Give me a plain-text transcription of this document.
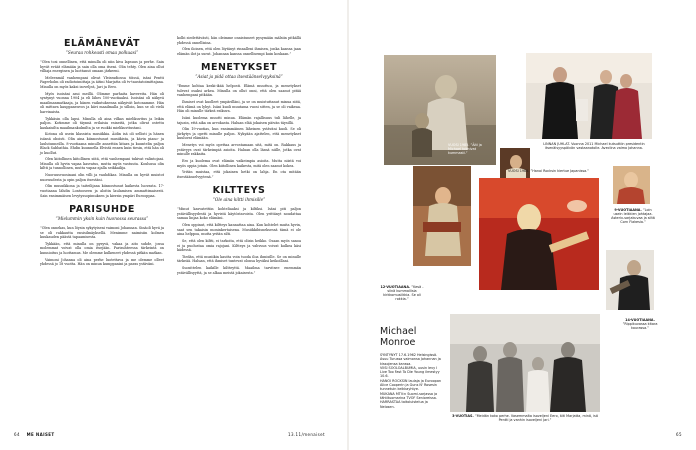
ELÄMÄNEVÄT
”Seuraa rohkeasti omaa polkuasi”

”Olen tosi onnellinen, että minulla oli niin kiva lapsuus ja perhe. Sain hyvät eväät elämään ja sain olla oma itseni. Olin tehty. Olen aina ollut villiaja energinen ja luottanut omaan järkeeni.

Meleenmäl vanhempani olivat Yleisradiossa töissä, isäni Pentti Fagerholm oli radiotoimittaja ja äitini Marjatta oli tv-taustatoimittajana. Minulla on myös kaksi isoveljeä, Jari ja Eero.

Myös isoisäni asui meillä. Olimme parhaita kavereita. Hän oli syntynyt vuonna 1904 ja eli lähes 100-vuotiaaksi. Isoisäni oli näkyvä maailmanmatkaaja, ja hänen vaikutuksensa näkyivät kotonamme. Hän oli mittava kauppaneuvos ja kävi maailmalla jo silloin, kun se oli vielä harvinaista.

Tykkäsin olla lapsi. Minulla oli aina vilkas mielikuvitus ja leikin paljon. Kotimme oli täynnä erilaisia esineitä, jotka olivat ostettu kaukaisilta maailmankulmilta ja se ruokki mielikuvitustani.

Kotona oli usein klassista musiikkia. Äidin isä oli sellisti ja hänen isänsä oboisti. Olin aina kiinnostunut musiikista, ja kävin piano- ja laulutunneilla. 8-vuotiaana minulle annettiin kitara ja kuuntelin paljon Black Sabbathia. Ehdin kuunnella Elvistä ennen kuin tiesin, että hän oli jo kuollut.

Olen kiitollinen kiitollinen siitä, että vanhempani tukivat valintojani. Minulla oli hyvin vapaa kasvatus, mutta myös vastuuta. Koulussa olin kiltti ja tunnollinen, mutta vapaa-ajalla seikkailija.

Nuoruusvuosinani olin villi ja vauhdikas. Minulla on hyvät muistot nuoruudesta ja opin paljon itsestäni.

Olin muusikkona ja taiteilijana kiinnostunut kaikesta luovasta. 17-vuotiaana lähdin Lontooseen ja aloitin laulamisen ammattimaisesti. Sain ensimmäisen levytyssopimuksen ja kiersin ympäri Eurooppaa.

PARISUHDE
”Mielummin yksin kuin huonossa seurassa”

”Olen onnekas, kun löysin sykytyiseni vaimoni Johannan. Sinäoli hyvä ja se oli rakkautta ensisilmäyksellä. Menimme naimisiin kolmen kuukauden päästä tapaamisesta.

Tykkään, että minulla on pysyvä, vakaa ja aito suhde, jossa molemmat voivat olla omia itsejään. Parisuhteessa tärkeintä on kunnioitus ja luottamus. Me olemme kulkeneet yhdessä pitkän matkan.

Vaimoni Johanna oli aina perhe luotettava ja me olemme olleet yhdessä jo 18 vuotta. Hän on minun kumppanini ja paras ystäväni.

kolbi siedettävästi, hän oleimme onnistuneet pysymään mälsiin pitkällä yhdessä onnellisina.

Olen iloinen, että olen löytänyt rinnalleni ihmisen, jonka kanssa jaan elämän ilot ja surut. Johannan kanssa onnellisempi kuin koskaan.”

MENETYKSET
”Asiat ja pidä ottaa itsestäänselvyyksinä”

”Emme kohtaa keski-ikää helposti. Elämä muuttuu, ja menetykset tulevat osaksi arkea. Minulla on ollut onni, että olen saanut pitää vanhempani pitkään.

Ihmiset ovat kuolleet ympärilläni, ja se on muistuttanut minua siitä, että elämä on lyhyt. Isäni kuoli muutama vuosi sitten, ja se oli vaikeaa. Hän oli minulle tärkeä esikuva.

Isäni kuolema muutti minua. Elämän rajallisuus tuli lähelle, ja tajusin, että aika on arvokasta. Haluan elää jokaisen päivän täysillä.

Olin 19-vuotias, kun ensimmäinen läheinen ystäväni kuoli. Se oli järkytys ja opetti minulle paljon. Nykyään ajattelen, että menetykset kuuluvat elämään.

Menetys voi myös opettaa arvostamaan sitä, mitä on. Rakkaus ja ystävyys ovat tärkeimpiä asioita. Haluan olla läsnä niille, jotka ovat minulle rakkaita.

Ero ja kuolema ovat elämän vaikeimpia asioita. Mutta niistä voi myös oppia jotain. Olen kiitollinen kaikesta, mitä olen saanut kokea.

Yritän muistaa, että jokainen hetki on lahja. En ota mitään itsestäänselvyytenä.”

KILTTEYS
”Ole aina kiltti ihmisille”

”Minut kasvatettiin kohteliaaksi ja kiltiksi. Isäni piti paljon ystävällisyydestä ja hyvistä käytöstavoista. Olen yrittänyt noudattaa samaa linjaa koko elämäni.

Olen oppinut, että kiltteys kannattaa aina. Kun kohtelet muita hyvin, saat sen takaisin moninkertaisena. Musiikkibisneksessä tämä ei ole aina helppoa, mutta yritän silti.

Se, että olen kiltti, ei tarkoita, että olisin heikko. Osaan myös sanoa ei ja puolustaa omia rajojani. Kiltteys ja vahvuus voivat kulkea käsi kädessä.

Tiedän, että musiikin kautta voin tuoda iloa ihmisille. Se on minulle tärkeää. Haluan, että ihmiset tuntevat olonsa hyväksi keikoillani.

Suosittelen kaikille kiltteyttä. Maailma tarvitsee enemmän ystävällisyyttä, ja se alkaa meistä jokaisesta.”

VUOSI 1985. ”Äiti ja Michael toimivat kummasti.”
LINNAN JUHLAT. Vuonna 2011 Michael kutsuttiin presidentin itsenäisyyspäivän vastaanotolle. Aveclina vaimo Johanna.
VUOSI 1985. ”Hanoi Rocksin kiertue Japanissa.”
9-VUOTIAANA. ”Loin usein leikkien johtajaa. Asterix-sarjakuvaa ja siltä Corn Flakesia.”
14-VUOTIAANA. ”Rippikuvassa kitara kourassa.”
12-VUOTIAANA. ”Kesä -siinä kummallisia kirkkomusiikkia. Se oli rokkia.”
3-VUOTIAS. ”Meidän koko perhe. Vasemmalta isoveljeni Eero, äiti Marjatta, minä, isä Pentti ja vanhin isoveljeni Jari.”
Michael Monroe
SYNTYNYT 17.6.1962 Helsingissä. Asuu Turussa vaimonsa Johannan ja kissojensa kanssa.
VIISI SOOLOALBUMIA, uusin levy I Live Too Fast To Die Young ilmestyy 10.6.
HANOI ROCKSIN laulaja ja Euroopan Alice Cooperin ja Guns N' Rosesin tunnetuin keikkayhtye.
MUKANA MTV:n Suomi-sarjassa ja tähtituomarina TVOF Senioreissa.
HARRASTAA taitoluistelua ja Nelosen.
64 ME NAISET	13.11/menaiset	65
